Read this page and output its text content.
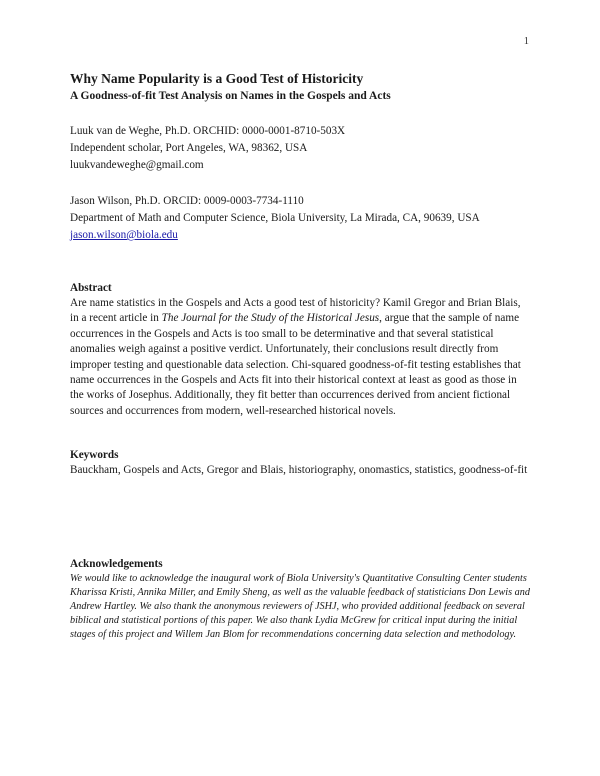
1
Why Name Popularity is a Good Test of Historicity
A Goodness-of-fit Test Analysis on Names in the Gospels and Acts

Luuk van de Weghe, Ph.D. ORCHID: 0000-0001-8710-503X

Independent scholar, Port Angeles, WA, 98362, USA

luukvandeweghe@gmail.com

Jason Wilson, Ph.D. ORCID: 0009-0003-7734-1110

Department of Math and Computer Science, Biola University, La Mirada, CA, 90639, USA

jason.wilson@biola.edu

Abstract

Are name statistics in the Gospels and Acts a good test of historicity? Kamil Gregor and Brian Blais, in a recent article in The Journal for the Study of the Historical Jesus, argue that the sample of name occurrences in the Gospels and Acts is too small to be determinative and that several statistical anomalies weigh against a positive verdict. Unfortunately, their conclusions result directly from improper testing and questionable data selection. Chi-squared goodness-of-fit testing establishes that name occurrences in the Gospels and Acts fit into their historical context at least as good as those in the works of Josephus. Additionally, they fit better than occurrences derived from ancient fictional sources and occurrences from modern, well-researched historical novels.

Keywords

Bauckham, Gospels and Acts, Gregor and Blais, historiography, onomastics, statistics, goodness-of-fit

Acknowledgements

We would like to acknowledge the inaugural work of Biola University's Quantitative Consulting Center students Kharissa Kristi, Annika Miller, and Emily Sheng, as well as the valuable feedback of statisticians Don Lewis and Andrew Hartley. We also thank the anonymous reviewers of JSHJ, who provided additional feedback on several biblical and statistical portions of this paper. We also thank Lydia McGrew for critical input during the initial stages of this project and Willem Jan Blom for recommendations concerning data selection and methodology.
